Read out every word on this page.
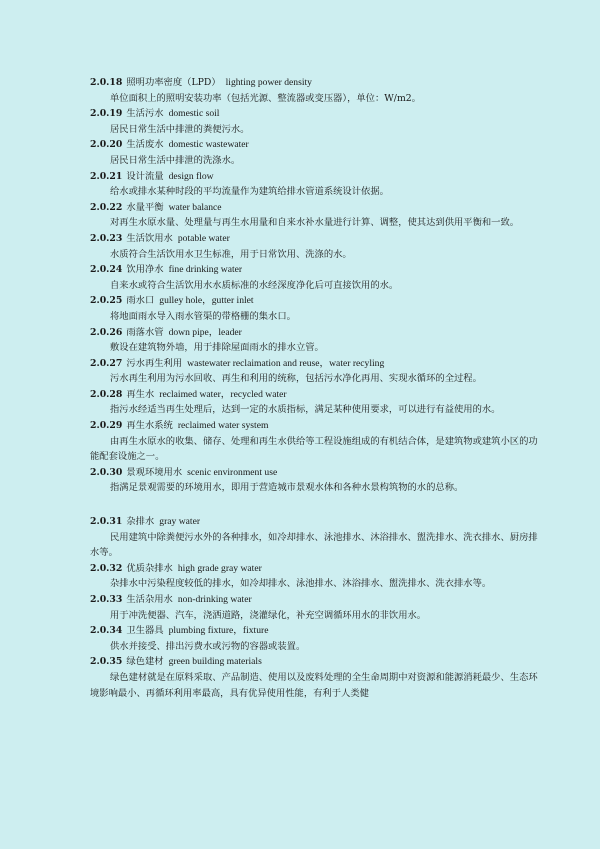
2.0.18 照明功率密度（LPD） lighting power density

单位面积上的照明安装功率（包括光源、整流器或变压器），单位：W/m2。

2.0.19 生活污水 domestic soil

居民日常生活中排泄的粪便污水。

2.0.20 生活废水 domestic wastewater

居民日常生活中排泄的洗涤水。

2.0.21 设计流量 design flow

给水或排水某种时段的平均流量作为建筑给排水管道系统设计依据。

2.0.22 水量平衡 water balance

对再生水原水量、处理量与再生水用量和自来水补水量进行计算、调整，使其达到供用平衡和一致。

2.0.23 生活饮用水 potable water

水质符合生活饮用水卫生标准，用于日常饮用、洗涤的水。

2.0.24 饮用净水 fine drinking water

自来水或符合生活饮用水水质标准的水经深度净化后可直接饮用的水。

2.0.25 雨水口 gulley hole，gutter inlet

将地面雨水导入雨水管渠的带格栅的集水口。

2.0.26 雨落水管 down pipe，leader

敷设在建筑物外墙，用于排除屋面雨水的排水立管。

2.0.27 污水再生利用 wastewater reclaimation and reuse，water recyling

污水再生利用为污水回收、再生和利用的统称，包括污水净化再用、实现水循环的全过程。

2.0.28 再生水 reclaimed water，recycled water

指污水经适当再生处理后，达到一定的水质指标，满足某种使用要求，可以进行有益使用的水。

2.0.29 再生水系统 reclaimed water system

由再生水原水的收集、储存、处理和再生水供给等工程设施组成的有机结合体，是建筑物或建筑小区的功能配套设施之一。

2.0.30 景观环境用水 scenic environment use

指满足景观需要的环境用水，即用于营造城市景观水体和各种水景构筑物的水的总称。

2.0.31 杂排水 gray water

民用建筑中除粪便污水外的各种排水，如冷却排水、泳池排水、沐浴排水、盥洗排水、洗衣排水、厨房排水等。

2.0.32 优质杂排水 high grade gray water

杂排水中污染程度较低的排水，如冷却排水、泳池排水、沐浴排水、盥洗排水、洗衣排水等。

2.0.33 生活杂用水 non-drinking water

用于冲洗便器、汽车，浇洒道路，浇灌绿化，补充空调循环用水的非饮用水。

2.0.34 卫生器具 plumbing fixture，fixture

供水并接受、排出污费水或污物的容器或装置。

2.0.35 绿色建材 green building materials

绿色建材就是在原料采取、产品制造、使用以及废料处理的全生命周期中对资源和能源消耗最少、生态环境影响最小、再循环利用率最高，具有优异使用性能，有利于人类健
